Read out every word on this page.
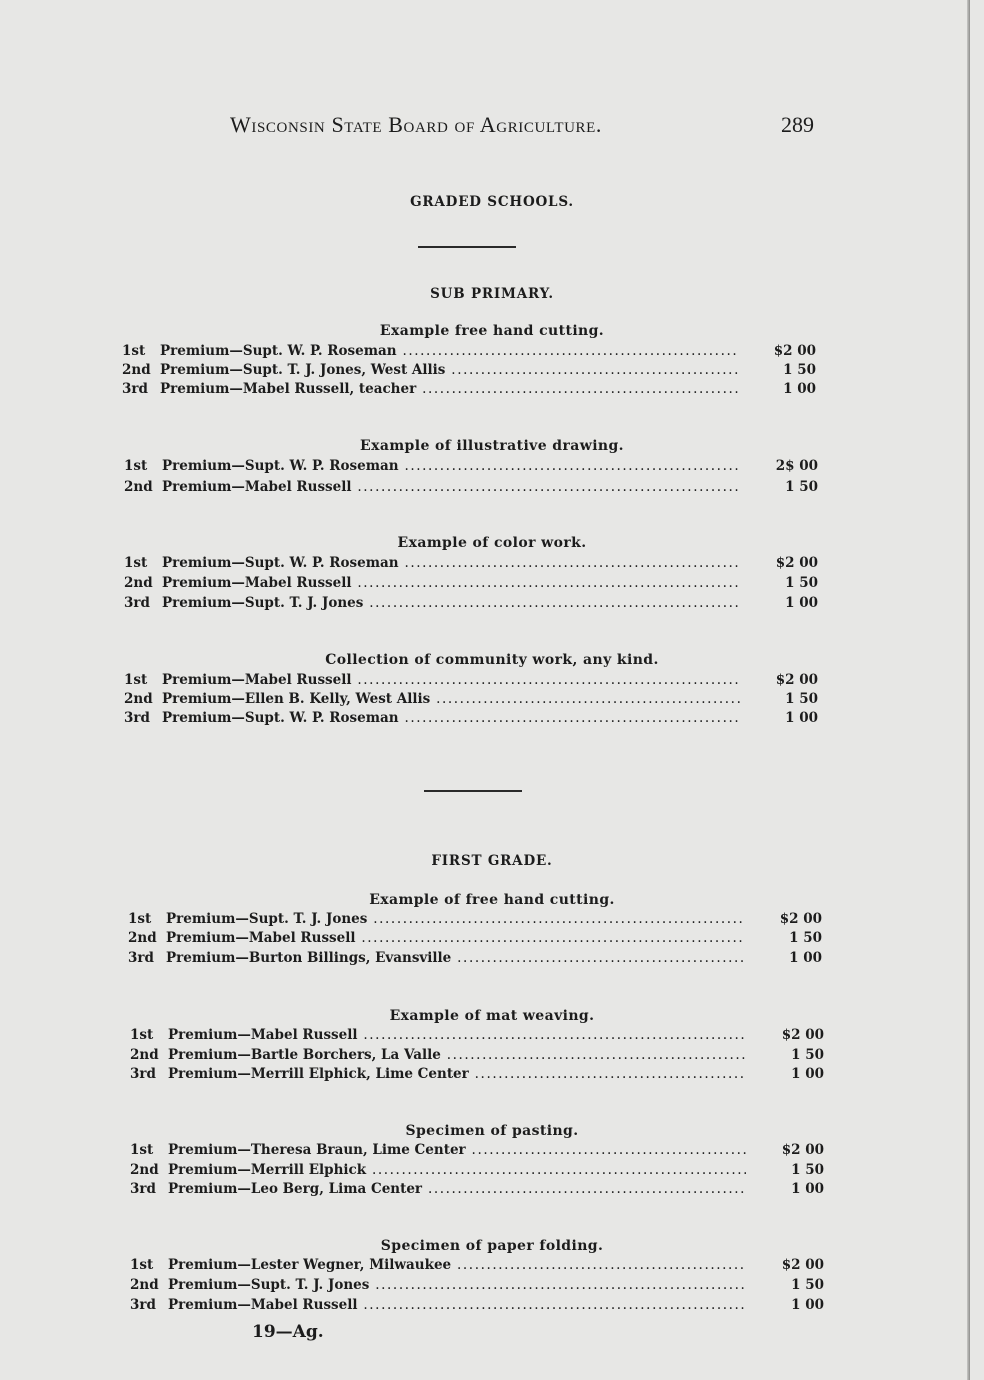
Wisconsin State Board of Agriculture.	289
GRADED SCHOOLS.
SUB PRIMARY.
Example free hand cutting.
1st Premium—Supt. W. P. Roseman .....	$2 00
2nd Premium—Supt. T. J. Jones, West Allis .....	1 50
3rd Premium—Mabel Russell, teacher .....	1 00
Example of illustrative drawing.
1st Premium—Supt. W. P. Roseman .....	2$ 00
2nd Premium—Mabel Russell .....	1 50
Example of color work.
1st Premium—Supt. W. P. Roseman .....	$2 00
2nd Premium—Mabel Russell .....	1 50
3rd Premium—Supt. T. J. Jones .....	1 00
Collection of community work, any kind.
1st Premium—Mabel Russell .....	$2 00
2nd Premium—Ellen B. Kelly, West Allis .....	1 50
3rd Premium—Supt. W. P. Roseman .....	1 00
FIRST GRADE.
Example of free hand cutting.
1st Premium—Supt. T. J. Jones .....	$2 00
2nd Premium—Mabel Russell .....	1 50
3rd Premium—Burton Billings, Evansville .....	1 00
Example of mat weaving.
1st Premium—Mabel Russell .....	$2 00
2nd Premium—Bartle Borchers, La Valle .....	1 50
3rd Premium—Merrill Elphick, Lime Center .....	1 00
Specimen of pasting.
1st Premium—Theresa Braun, Lime Center .....	$2 00
2nd Premium—Merrill Elphick .....	1 50
3rd Premium—Leo Berg, Lima Center .....	1 00
Specimen of paper folding.
1st Premium—Lester Wegner, Milwaukee .....	$2 00
2nd Premium—Supt. T. J. Jones .....	1 50
3rd Premium—Mabel Russell .....	1 00
19—Ag.
